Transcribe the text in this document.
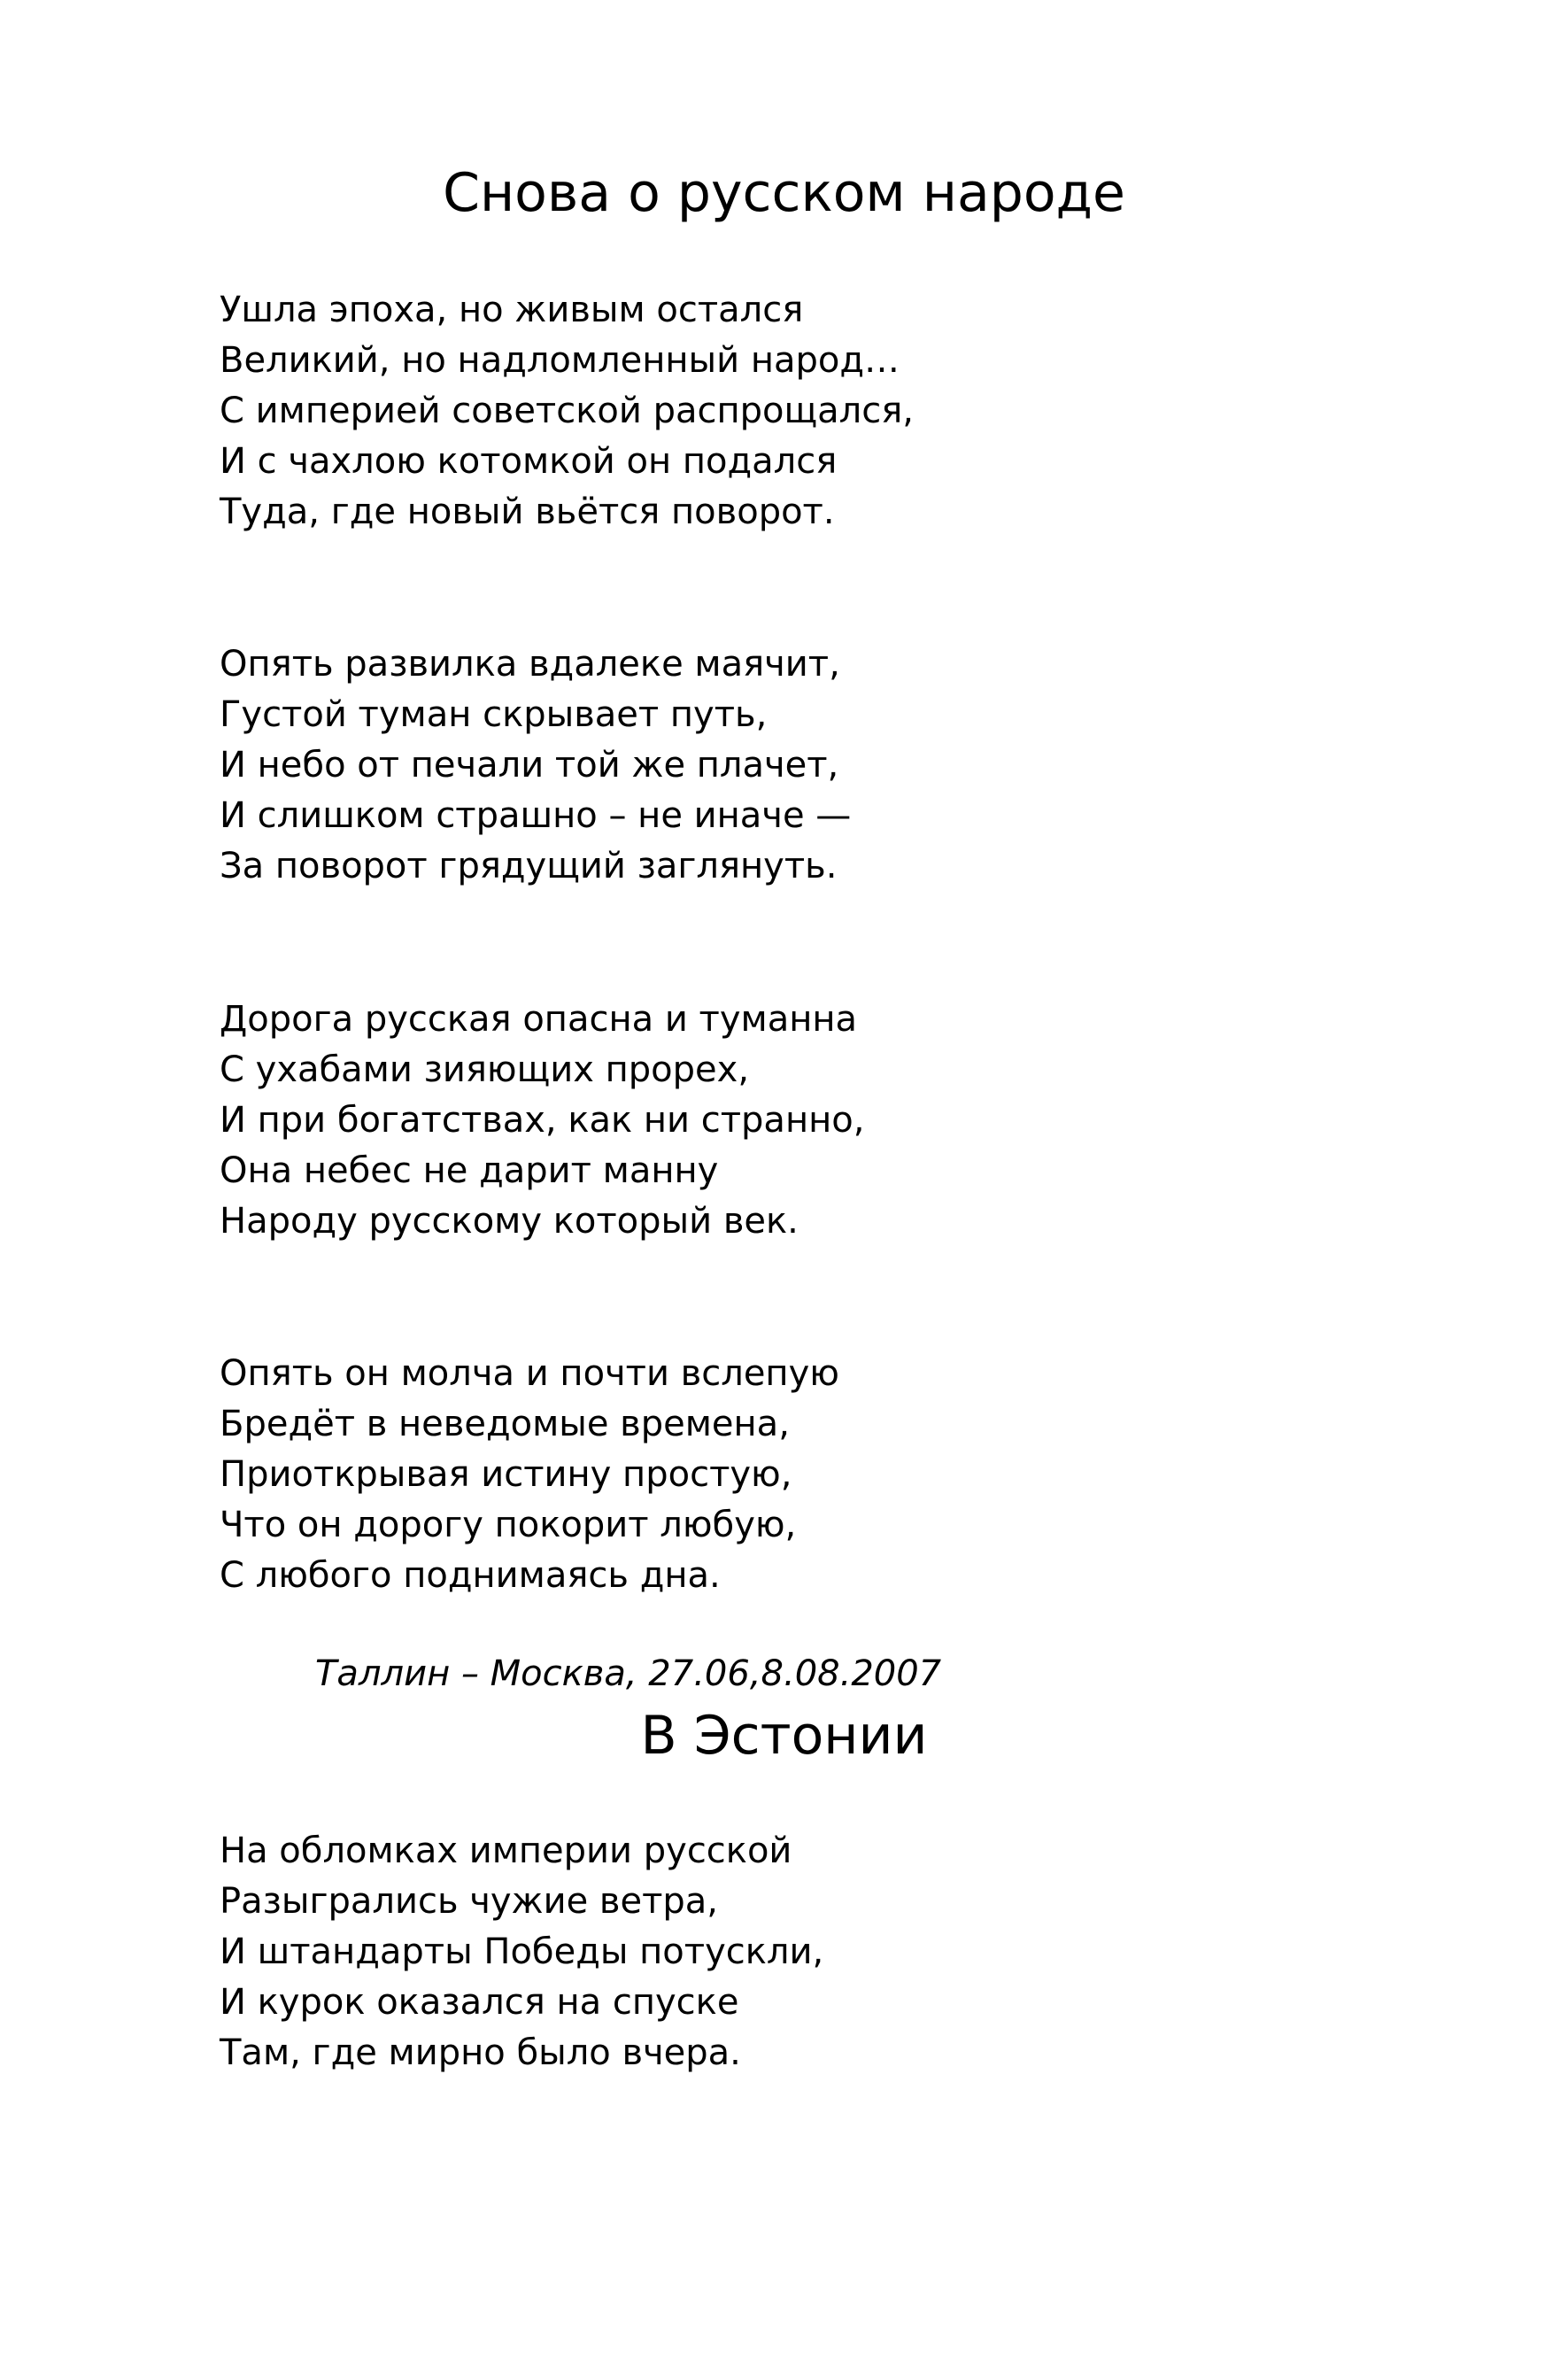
Снова о русском народе
Ушла эпоха, но живым остался
Великий, но надломленный народ…
С империей советской распрощался,
И с чахлою котомкой он подался
Туда, где новый вьётся поворот.
Опять развилка вдалеке маячит,
Густой туман скрывает путь,
И небо от печали той же плачет,
И слишком страшно – не иначе —
За поворот грядущий заглянуть.
Дорога русская опасна и туманна
С ухабами зияющих прорех,
И при богатствах, как ни странно,
Она небес не дарит манну
Народу русскому который век.
Опять он молча и почти вслепую
Бредёт в неведомые времена,
Приоткрывая истину простую,
Что он дорогу покорит любую,
С любого поднимаясь дна.

Таллин – Москва, 27.06,8.08.2007

В Эстонии
На обломках империи русской
Разыгрались чужие ветра,
И штандарты Победы потускли,
И курок оказался на спуске
Там, где мирно было вчера.
